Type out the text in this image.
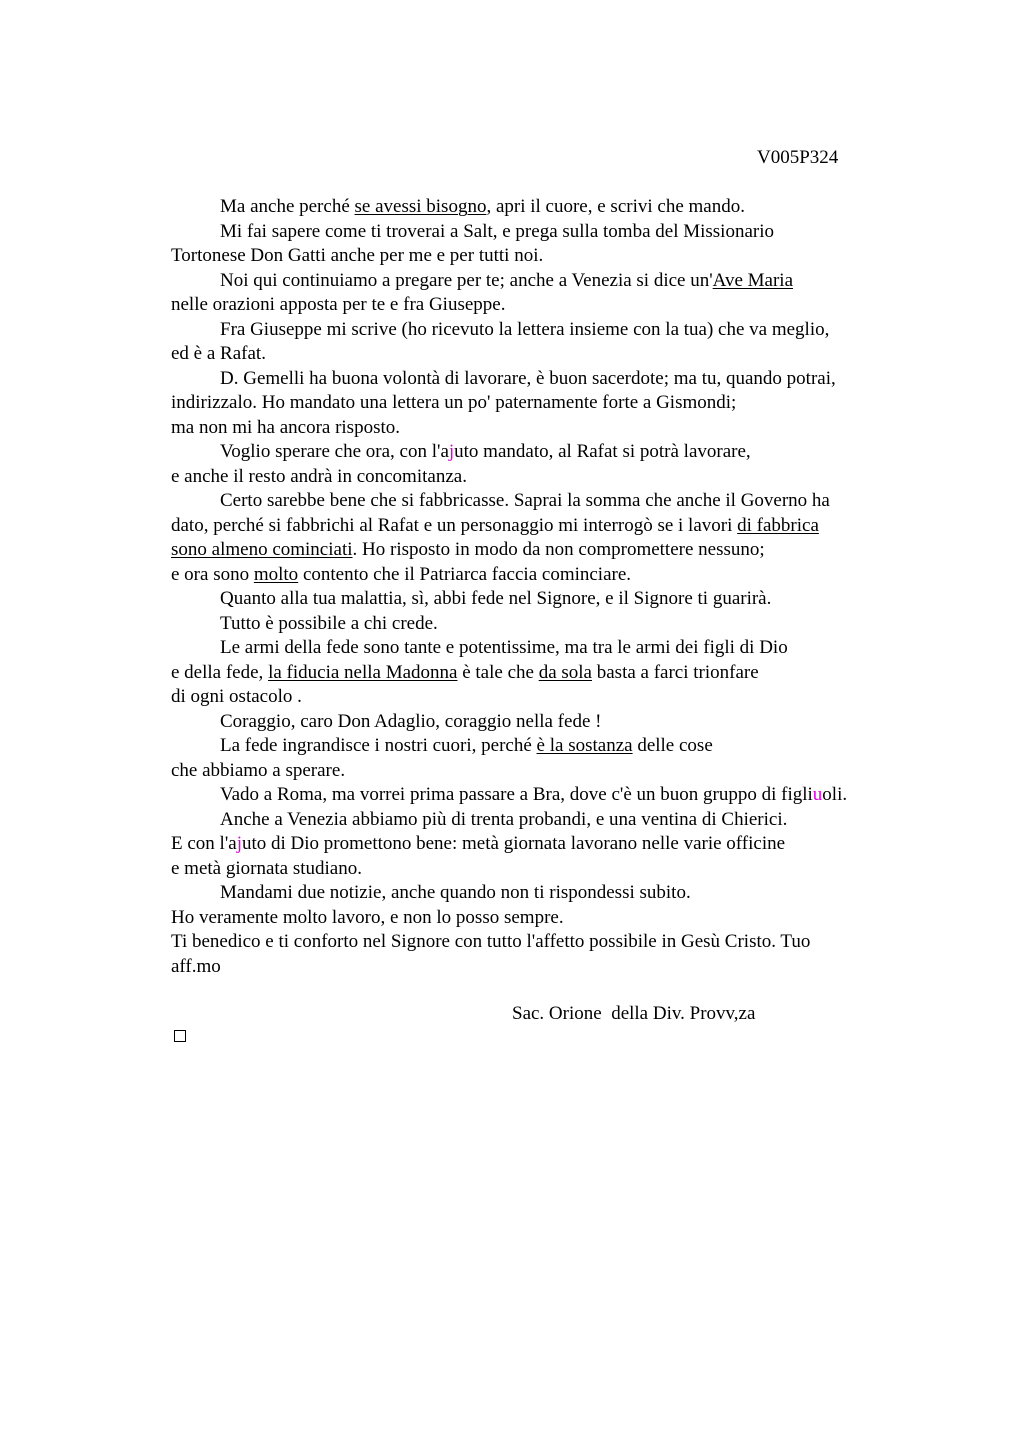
V005P324
Ma anche perché se avessi bisogno, apri il cuore, e scrivi che mando.
Mi fai sapere come ti troverai a Salt, e prega sulla tomba del Missionario
Tortonese Don Gatti anche per me e per tutti noi.
Noi qui continuiamo a pregare per te; anche a Venezia si dice un'Ave Maria
nelle orazioni apposta per te e fra Giuseppe.
Fra Giuseppe mi scrive (ho ricevuto la lettera insieme con la tua) che va meglio,
ed è a Rafat.
D. Gemelli ha buona volontà di lavorare, è buon sacerdote; ma tu, quando potrai,
indirizzalo. Ho mandato una lettera un po' paternamente forte a Gismondi;
ma non mi ha ancora risposto.
Voglio sperare che ora, con l'ajuto mandato, al Rafat si potrà lavorare,
e anche il resto andrà in concomitanza.
Certo sarebbe bene che si fabbricasse. Saprai la somma che anche il Governo ha
dato, perché si fabbrichi al Rafat e un personaggio mi interrogò se i lavori di fabbrica
sono almeno cominciati. Ho risposto in modo da non compromettere nessuno;
e ora sono molto contento che il Patriarca faccia cominciare.
Quanto alla tua malattia, sì, abbi fede nel Signore, e il Signore ti guarirà.
Tutto è possibile a chi crede.
Le armi della fede sono tante e potentissime, ma tra le armi dei figli di Dio
e della fede, la fiducia nella Madonna è tale che da sola basta a farci trionfare
di ogni ostacolo .
Coraggio, caro Don Adaglio, coraggio nella fede !
La fede ingrandisce i nostri cuori, perché è la sostanza delle cose
che abbiamo a sperare.
Vado a Roma, ma vorrei prima passare a Bra, dove c'è un buon gruppo di figliuoli.
Anche a Venezia abbiamo più di trenta probandi, e una ventina di Chierici.
E con l'ajuto di Dio promettono bene: metà giornata lavorano nelle varie officine
e metà giornata studiano.
Mandami due notizie, anche quando non ti rispondessi subito.
Ho veramente molto lavoro, e non lo posso sempre.
Ti benedico e ti conforto nel Signore con tutto l'affetto possibile in Gesù Cristo. Tuo
aff.mo
Sac. Orione  della Div. Provv,za
